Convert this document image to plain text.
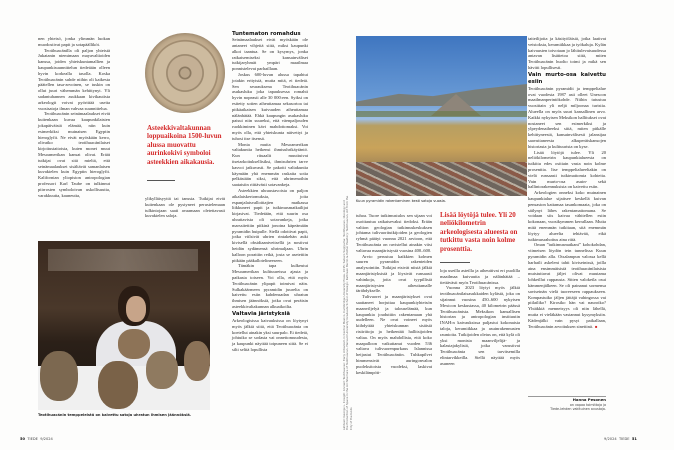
nen yhteisö, jonka ylimmän luokan muodostivat papit ja sotapäälliköt.

Teotihuacánilla oli paljon yhteistä Jukatanin niemimaan mayavaltioiden kanssa, joiden yhteiskuntamallien ja kaupunkisuunnittelun tiedetään olleen hyvin korkealla tasolla. Koska Teotihuacánin suhde niihin oli kaikesta päätellen tasa-arvoinen, se tuskin on ollut juuri vähemmän kehittynyt. Yli sadantuhannen asukkaan kivikautista arkeologit voivat pyörittää useita vuosisatoja ilman vahvaa suunnittelua.

Teotihuacánin seinämaalaukset eivät kuitenkaan kuvaa kaupunkilaisten jokapäiväistä elämää, niin kuin esimerkiksi muinaisen Egyptin hieroglyfit. Ne eivät myöskään kerro, olivatko teotihuacánilaiset kirjoitustaitoisia, kuten monet muut Mesoamerikan kansat olivat. Eräät tutkijat ovat sitä mieltä, että seinämaalaukset sisältävät samanlaisen kuvakielen kuin Egyptin hieroglyfit. Kalifornian yliopiston antropologian professori Karl Taube on tulkinnut piirrosten symboloivan uskollisuutta, varakkuutta, kauneutta,

Asteekkivaltakunnan loppuaikoina 1500-luvun alussa muovattu aurinkokivi symboloi asteekkien aikakausia.

ylikylläisyyttä tai tanssia. Tutkijat eivät kuitenkaan ole pystyneet perustelemaan tulkintojaan saati avaamaan oletettavasti kuvakielen saloja.

Tuntematon romahdus

Seinämaalaukset eivät myöskään ole antaneet vihjeitä siitä, miksi kaupunki alkoi taantua. Se on kysymys, jonka ratkaisemiseksi kansainväliset tutkijaryhmät ympäri maailmaa ponnistelevat parhaillaan.

Joskus 600-luvun alussa tapahtui jotakin erityistä, mutta mitä, ei tiedetä. Sen seurauksena Teotihuacánin asukasluku joka tapauksessa romahti hyvin nopeasti alle 30 000:een. Syiksi on esitetty sotien aiheuttamaa sekasortoa tai pitkäaikaisen kuivuuden aiheuttamaa nälänhätää. Ehkä kaupungin asukasluku paisui niin suureksi, että väenpaljouden ruokkiminen kävi mahdottomaksi. Voi myös olla, että yhteiskunta näivettyi ja tuhosi itse itsensä.

Monia muita Mesoamerikan valtakuntia heikensi ihmisuhrikäytäntö. Kun rituaalit muuttuivat itsetarkoituksellisiksi, ihmisuhrien tarve kasvoi jatkuvasti. Se pakotti valtakuntia käymään yhä enemmän raskaita sotia pelkästään siksi, että uhrimenoihin saataisiin riittävästi sotavankeja.

Asteekkien uhraustavoista on paljon aikalaiskertomuksia, joita espanjalaisvalloittajien matkassa liikkuneet papit ja tutkimusmatkailijat kirjasivat. Tiedetään, että suurin osa uhrattavista oli sotavankeja, jotka marssitettiin pitkinä jonoina käpeämään pyramidin huipulle. Siellä odottivat papit, jotka viilsivät uhrien rintakehän auki kivisellä obsidiaaniveitsellä ja nostivat heidän sydämensä uhrimaljaan. Uhrin kalloon porattiin reikä, josta se asetettiin pitkään pääkallotelineeseen.

Tämäkin tapa kulkeutui Mesoamerikan kulttuureissa ajasta ja paikasta toiseen. Voi olla, että myös Teotihuacánin ylipapit toimivat näin. Sulkakäärmeen pyramidin juurelta on kaivettu esiin kahdensadan uhratun ihmisen jäännöksiä, jotka ovat peräisin asteekkivaltakunnan alkuaikoilta.

Valtavia järistyksiä

Arkeologisissa kaivauksissa on löytynyt myös jälkiä siitä, että Teotihuacánia on koetellut ainakin yksi suurpalo. Ei tiedetä, johtuiko se sodasta vai onnettomuudesta, ja kaupunki näyttää toipuneen siitä. Se ei silti selitä lopullista

Teotihuacánin temppeleistä on kaivettu satoja uhratun ihmisen jäännöksiä.
50 TIEDE 9/2024
Lähteet: George L. Cowgill: Ancient Teotihuacan: Early Urbanism in Central Mexico, Cambridge University Press, 2015; Saburo Sugiyama: Teotihuacan, Ideology and the Production of Space in the Architecture of Teotihuacan, Harvard University Graduate School of Design; Kathleen Berrin & Esther Pasztory: Teotihuacan, Art from the City of the Gods
Kuun pyramidin rakentaminen kesti satoja vuosia.

tuhoa. Tuore tutkimustulos sen sijaan voi osoittautua ratkaisevaksi tiedoksi. Erään valtion geologian tutkimuskeskuksen johtama tulivuoritutkijoiden ja geologien ryhmä päätyi vuonna 2021 arvioon, että Teotihuacánia on ravistellut ainakin viisi valtavaa maanjäristystä vuosina 400–600.

Arvio perustuu kaikkien kolmen suuren pyramidin rakenteiden analysointiin. Tutkijat etsivät niistä jälkiä maanjäristyksistä ja löysivät runsaasti vahinkoja, joita ovat tyypillisiä maanjäristysten aiheuttamalle tärähdykselle.

Tulivuoret ja maanjäristykset ovat saattaneet horjuttaa kaupunkiyhteisön maanviljelyä ja talouselämää, kun kaupunkia jouduttiin rakentamaan yhä uudelleen. Ne ovat voineet myös kiihdyttää yhteiskunnan sisäisiä ristiriitoja ja heikentää hallitsijoiden valtaa. On myös mahdollista, että koko maapalloon vaikuttanut vuoden 536 valtava tulivuorenpurkaus Islannissa heijastui Teotihuacániin. Tuhkapilvet himmensivät auringonvalon puoleksitoista vuodeksi, laskivat keskilämpöti-

Lisää löytöjä tulee. Yli 20 neliökilometrin arkeologisesta alueesta on tutkittu vasta noin kolme prosenttia.

loja useilla asteilla ja aiheuttivat eri puolilla maailmaa kuivuutta ja nälänhätää – tiettävästi myös Teotihuacánissa.

Vuonna 2023 löytyi myös jälkiä teotihuacánilaisasukkaiden kylästä, joka on sijainnut vuosina 450–600 nykyisen Mexicon keskustassa, 40 kilometrin päässä Teotihuacánista. Meksikon kansallisen historian ja antropologian instituutin INAH:n kaivauksissa paljastui kokonaisia taloja, keramiikkaa ja asuinrakennusten raunioita. Tutkijoiden oletus on, että kylä oli yksi monista maanviljelijä- ja kalastajakylistä, jotka varustivat Teotihuacánia sen tarvitsemilla elintarvikkeilla. Siellä näyttää myös asuneen

taiteilijoita ja käsityöläisiä, jotka laativat veistoksia, keramiikkaa ja työkaluja. Kylän kaivausten toivotaan jo lähitulevaisuudessa antavan lisätietoa siitä, miten Teotihuacánin huolto toimi ja mikä sen hävitti lopullisesti.

Vain murto-osa kaivettu esiin

Teotihuacánin pyramidit ja temppelialue ovat vuodesta 1987 asti olleet Unescon maailmanperintökohde. Niihin tutustuu vuosittain yli neljä miljoonaa turistia. Alueella on myös suuri kansallinen arvo. Kaikki nykyisen Meksikon hallitukset ovat nostaneet sen esimerkiksi ja ylpeydenaiheeksi siitä, miten pitkälle kehittyneestä, kansainvälisesti jalansijaa saavuttaneesta alkuperäiskansojen historiasta ja kulttuurista on kyse.

Lisää löytöjä tulee. Yli 20 neliökilometrin kaupunkialueesta on tutkittu edes osittain vasta noin kolme prosenttia. Itse temppelialueeltakin on vielä runsaasti tutkimattomia kohteita. Vain murto-osa asuin- sekä hallintorakennuksista on kaivettu esiin.

Arkeologien onneksi koko muinainen kaupunkialue sijaitsee keskellä kuivan pensaston kattamaa tasankomaata, joka on säilynyt lähes rakentamattomana. Se voidaan siis kaivaa vähitellen esiin kokonaan, vuosikymmen kerrallaan. Mutta mitä enemmän tutkitaan, sitä enemmän löytyy alueelta tehtävää, eikä tutkimusrahoitus aina riitä.

Oman ”tutkimusmatkani” kohokohdan, viimeisen löydön tein tunnelissa Kuun pyramidin alla. Otsalampun valossa kellä harhaili askeleni tahti kiviseinissä, joilla aina ensimmäisistä teotihuacánilaisista muistuttavat jäljet olivat muutama lohkeillut rappausta. Sitten valokeila osui kämmenjälkeen. Se oli painanut sormensa saviseinän vielä tuoreeseen rappaukseen. Kompastuiko jäljen jättäjä vahingossa vai piilailiko? Kirosiko hän vai nauroiko? Yhtäkkiä menneisyys oli niin lähellä, mutta ei vieläkään vastannut kysymyksiin. Kädenjälki vain pysyi paikallaan, Teotihuacánin arvoituksen sinettinä. ■

Hanna Pesonen
on vapaa toimittaja ja
Tiede-lehden vakituinen avustaja.
9/2024 TIEDE 51
